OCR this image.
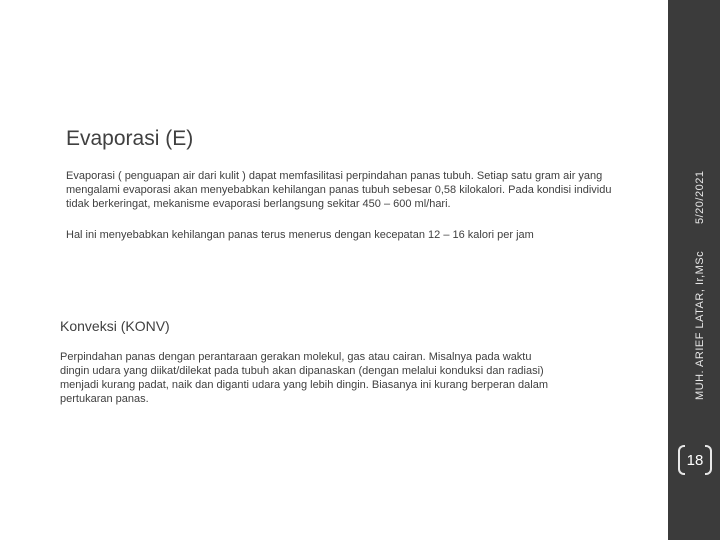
Evaporasi (E)
Evaporasi ( penguapan air dari kulit ) dapat memfasilitasi perpindahan panas tubuh. Setiap satu gram air yang mengalami evaporasi akan menyebabkan kehilangan panas tubuh sebesar 0,58 kilokalori. Pada kondisi individu tidak berkeringat, mekanisme evaporasi berlangsung sekitar 450 – 600 ml/hari.
Hal ini menyebabkan kehilangan panas terus menerus dengan kecepatan 12 – 16 kalori per jam
Konveksi (KONV)
Perpindahan panas dengan perantaraan gerakan molekul, gas atau cairan. Misalnya pada waktu dingin udara yang diikat/dilekat pada tubuh akan dipanaskan (dengan melalui konduksi dan radiasi) menjadi kurang padat, naik dan diganti udara yang lebih dingin. Biasanya ini kurang berperan dalam pertukaran panas.
5/20/2021
MUH. ARIEF LATAR, Ir,MSc
18
